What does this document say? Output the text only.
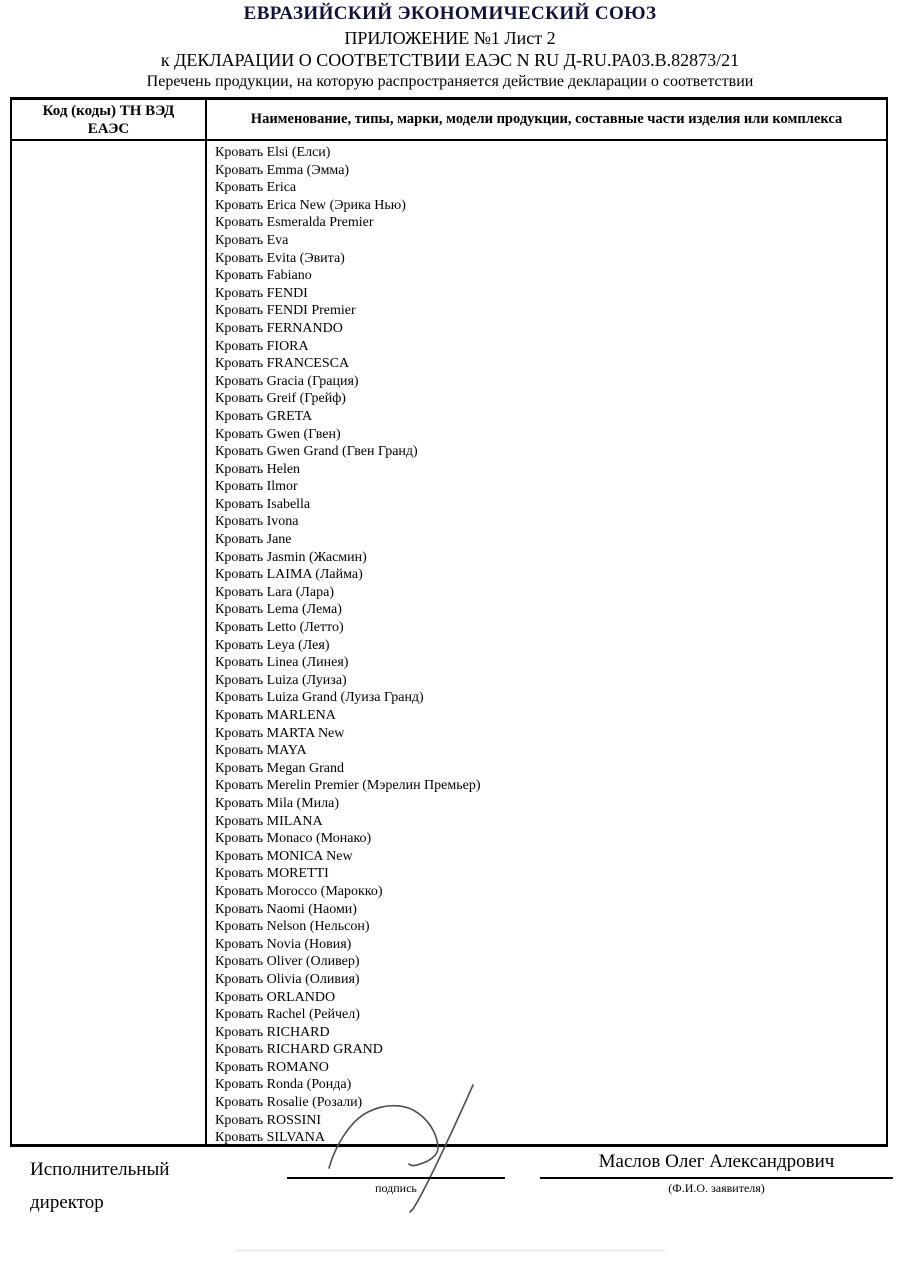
ЕВРАЗИЙСКИЙ ЭКОНОМИЧЕСКИЙ СОЮЗ
ПРИЛОЖЕНИЕ №1 Лист 2
к ДЕКЛАРАЦИИ О СООТВЕТСТВИИ ЕАЭС N RU Д-RU.РА03.В.82873/21
Перечень продукции, на которую распространяется действие декларации о соответствии
Код (коды) ТН ВЭД ЕАЭС
Наименование, типы, марки, модели продукции, составные части изделия или комплекса
Кровать Elsi (Елси)
Кровать Emma (Эмма)
Кровать Erica
Кровать Erica New (Эрика Нью)
Кровать Esmeralda Premier
Кровать Eva
Кровать Evita (Эвита)
Кровать Fabiano
Кровать FENDI
Кровать FENDI Premier
Кровать FERNANDO
Кровать FIORA
Кровать FRANCESCA
Кровать Gracia (Грация)
Кровать Greif (Грейф)
Кровать GRETA
Кровать Gwen (Гвен)
Кровать Gwen Grand (Гвен Гранд)
Кровать Helen
Кровать Ilmor
Кровать Isabella
Кровать Ivona
Кровать Jane
Кровать Jasmin (Жасмин)
Кровать LAIMA (Лайма)
Кровать Lara (Лара)
Кровать Lema (Лема)
Кровать Letto (Летто)
Кровать Leya (Лея)
Кровать Linea (Линея)
Кровать Luiza (Луиза)
Кровать Luiza Grand (Луиза Гранд)
Кровать MARLENA
Кровать MARTA New
Кровать MAYA
Кровать Megan Grand
Кровать Merelin Premier (Мэрелин Премьер)
Кровать Mila (Мила)
Кровать MILANA
Кровать Monaco (Монако)
Кровать MONICA New
Кровать MORETTI
Кровать Morocco (Марокко)
Кровать Naomi (Наоми)
Кровать Nelson (Нельсон)
Кровать Novia (Новия)
Кровать Oliver (Оливер)
Кровать Olivia (Оливия)
Кровать ORLANDO
Кровать Rachel (Рейчел)
Кровать RICHARD
Кровать RICHARD GRAND
Кровать ROMANO
Кровать Ronda (Ронда)
Кровать Rosalie (Розали)
Кровать ROSSINI
Кровать SILVANA
Исполнительный директор
подпись
Маслов Олег Александрович
(Ф.И.О. заявителя)
